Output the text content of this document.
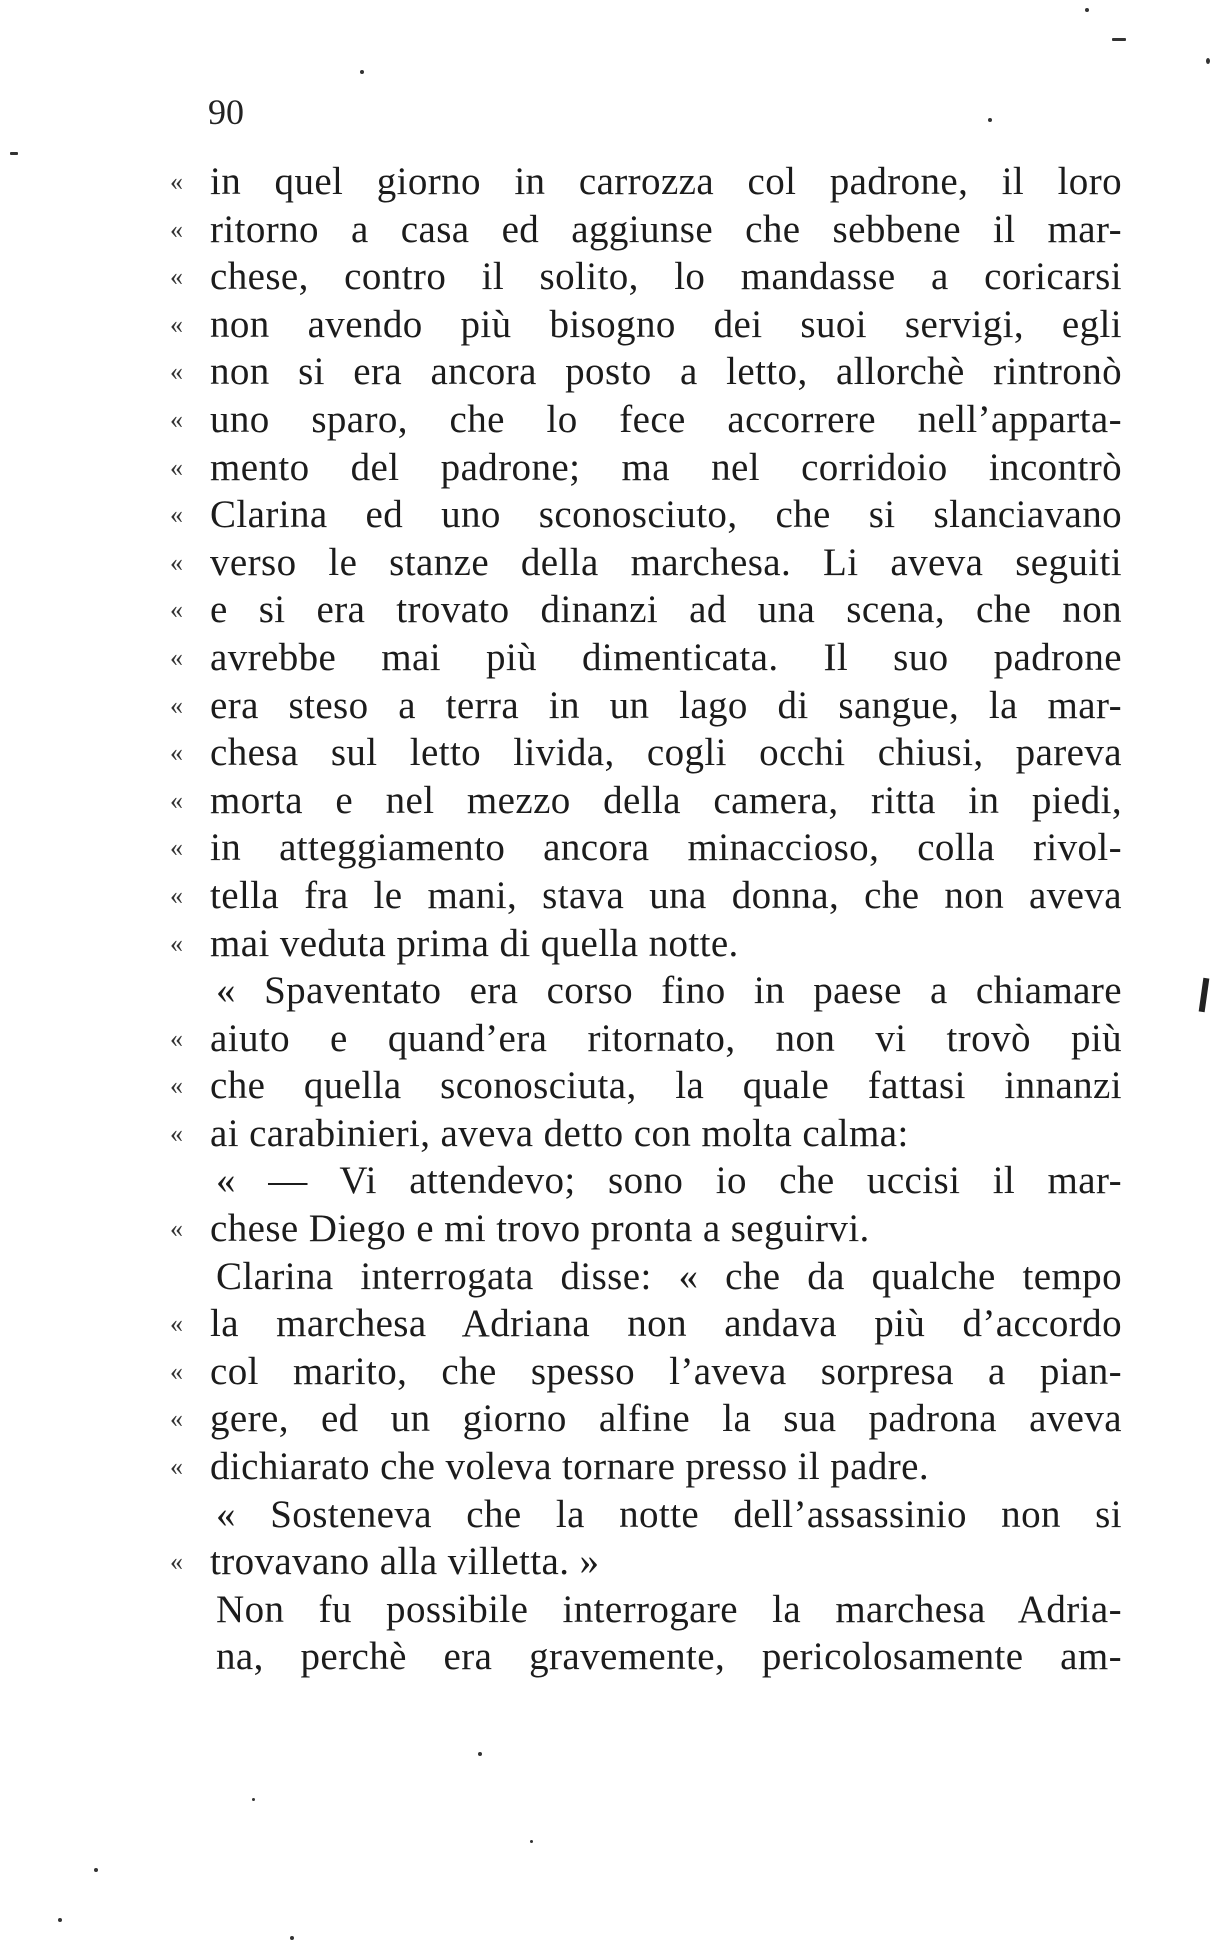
90
« in quel giorno in carrozza col padrone, il loro
« ritorno a casa ed aggiunse che sebbene il mar-
« chese, contro il solito, lo mandasse a coricarsi
« non avendo più bisogno dei suoi servigi, egli
« non si era ancora posto a letto, allorchè rintronò
« uno sparo, che lo fece accorrere nell’apparta-
« mento del padrone; ma nel corridoio incontrò
« Clarina ed uno sconosciuto, che si slanciavano
« verso le stanze della marchesa. Li aveva seguiti
« e si era trovato dinanzi ad una scena, che non
« avrebbe mai più dimenticata. Il suo padrone
« era steso a terra in un lago di sangue, la mar-
« chesa sul letto livida, cogli occhi chiusi, pareva
« morta e nel mezzo della camera, ritta in piedi,
« in atteggiamento ancora minaccioso, colla rivol-
« tella fra le mani, stava una donna, che non aveva
« mai veduta prima di quella notte.
« Spaventato era corso fino in paese a chiamare
« aiuto e quand’era ritornato, non vi trovò più
« che quella sconosciuta, la quale fattasi innanzi
« ai carabinieri, aveva detto con molta calma:
« — Vi attendevo; sono io che uccisi il mar-
« chese Diego e mi trovo pronta a seguirvi.
Clarina interrogata disse: « che da qualche tempo
« la marchesa Adriana non andava più d’accordo
« col marito, che spesso l’aveva sorpresa a pian-
« gere, ed un giorno alfine la sua padrona aveva
« dichiarato che voleva tornare presso il padre.
« Sosteneva che la notte dell’assassinio non si
« trovavano alla villetta. »
Non fu possibile interrogare la marchesa Adria-
na, perchè era gravemente, pericolosamente am-
